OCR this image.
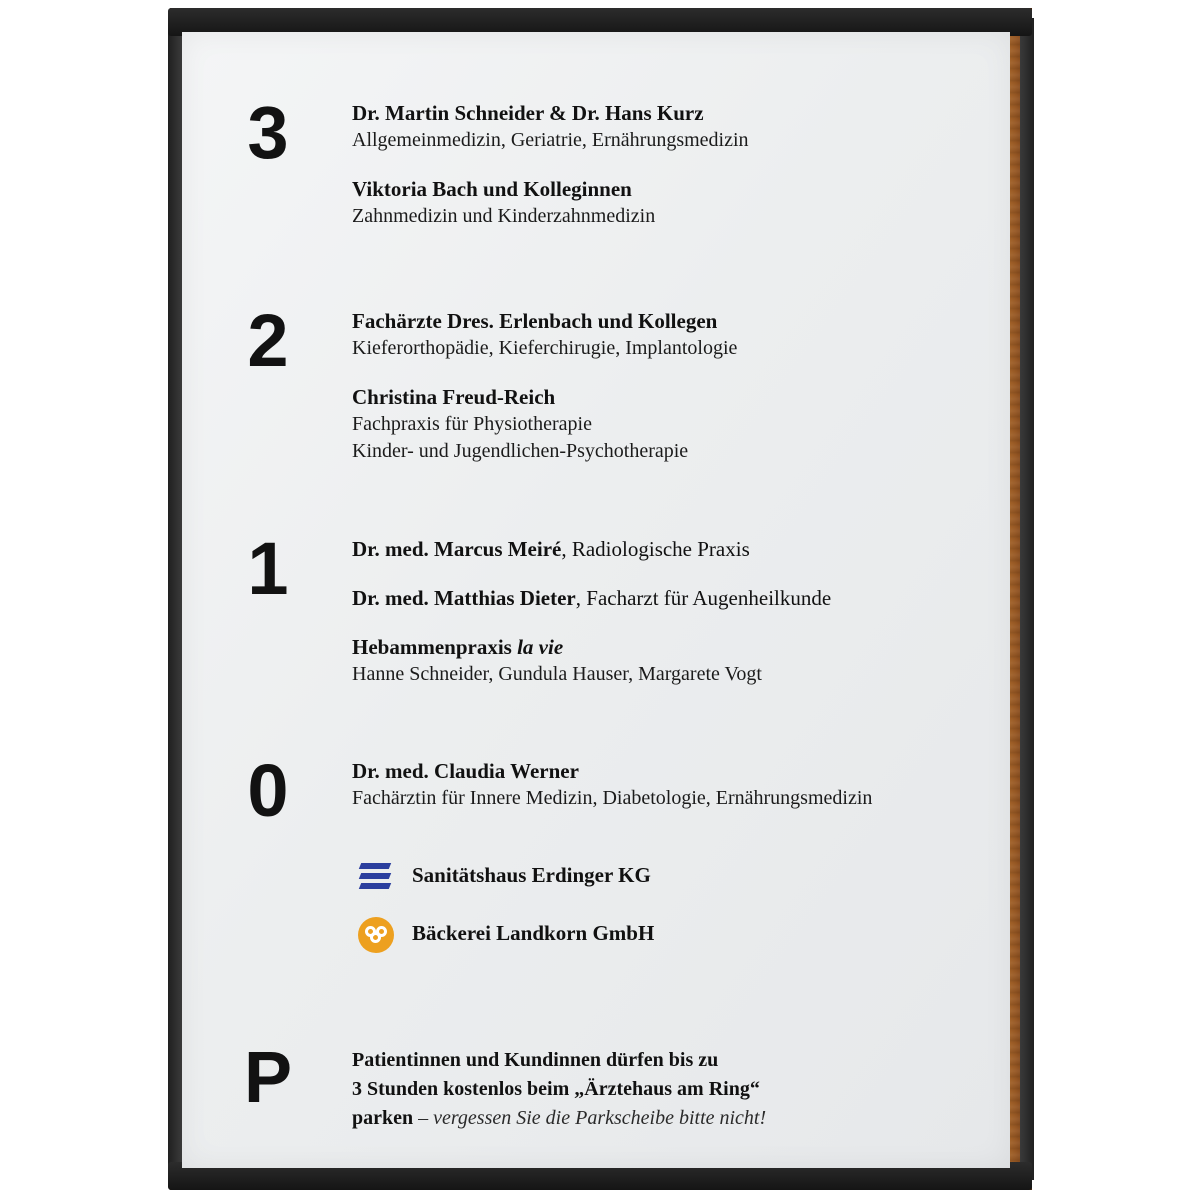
3	Dr. Martin Schneider & Dr. Hans Kurz
Allgemeinmedizin, Geriatrie, Ernährungsmedizin
Viktoria Bach und Kolleginnen
Zahnmedizin und Kinderzahnmedizin
2	Fachärzte Dres. Erlenbach und Kollegen
Kieferorthopädie, Kieferchirugie, Implantologie
Christina Freud-Reich
Fachpraxis für Physiotherapie
Kinder- und Jugendlichen-Psychotherapie
1	Dr. med. Marcus Meiré, Radiologische Praxis
Dr. med. Matthias Dieter, Facharzt für Augenheilkunde
Hebammenpraxis la vie
Hanne Schneider, Gundula Hauser, Margarete Vogt
0	Dr. med. Claudia Werner
Fachärztin für Innere Medizin, Diabetologie, Ernährungsmedizin
Sanitätshaus Erdinger KG
Bäckerei Landkorn GmbH
P	Patientinnen und Kundinnen dürfen bis zu
3 Stunden kostenlos beim „Ärztehaus am Ring“
parken – vergessen Sie die Parkscheibe bitte nicht!
